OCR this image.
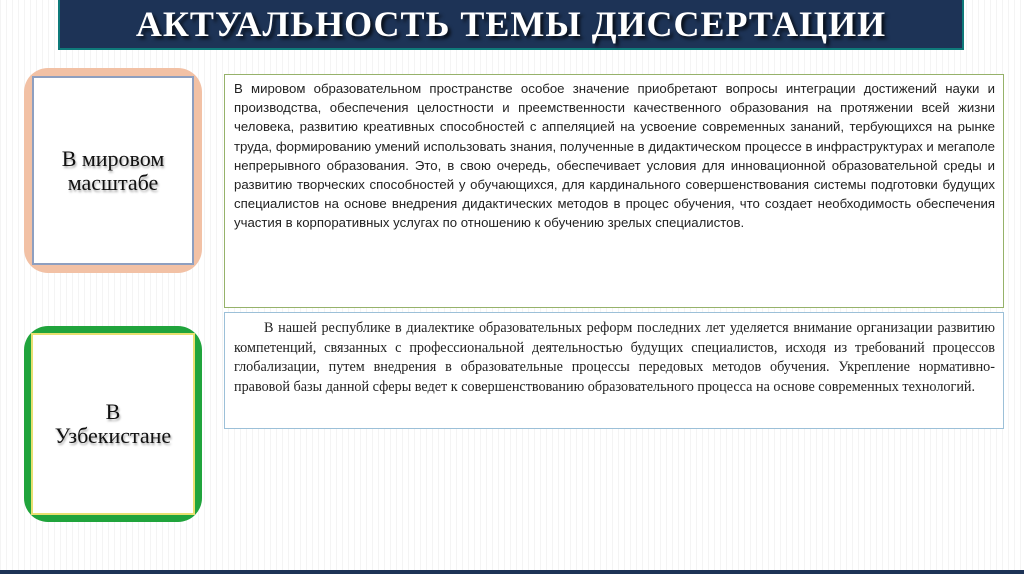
АКТУАЛЬНОСТЬ ТЕМЫ ДИССЕРТАЦИИ
В мировом
масштабе

В мировом образовательном пространстве особое значение приобретают вопросы интеграции достижений науки и производства, обеспечения целостности и преемственности качественного образования на протяжении всей жизни человека, развитию креативных способностей с аппеляцией на усвоение современных зананий, тербующихся на рынке труда, формированию умений использовать знания, полученные в дидактическом процессе в инфраструктурах и мегаполе непрерывного образования. Это, в свою очередь, обеспечивает условия для инновационной образовательной среды и развитию творческих способностей у обучающихся, для кардинального совершенствования системы подготовки будущих специалистов на основе внедрения дидактических методов в процес обучения, что создает необходимость обеспечения участия в корпоративных услугах по отношению к обучению зрелых специалистов.

В нашей республике в диалектике образовательных реформ последних лет уделяется внимание организации развитию компетенций, связанных с профессиональной деятельностью будущих специалистов, исходя из требований процессов глобализации, путем внедрения в образовательные процессы передовых методов обучения. Укрепление нормативно-правовой базы данной сферы ведет к совершенствованию образовательного процесса на основе современных технологий.

В
Узбекистане
